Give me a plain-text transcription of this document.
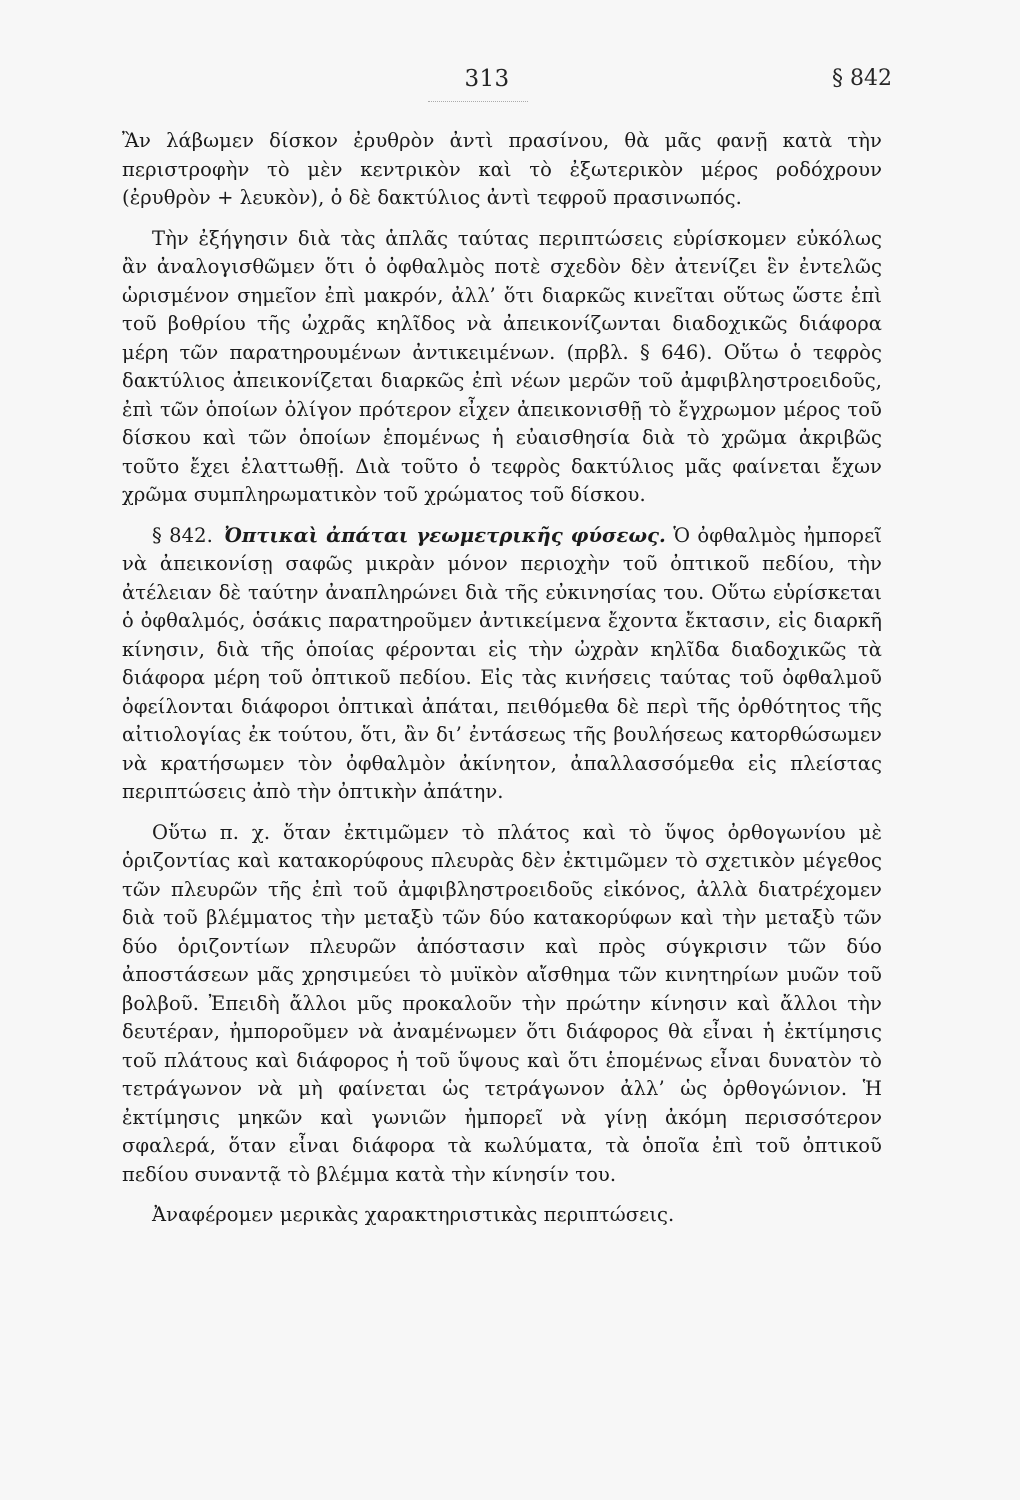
313	§ 842

Ἂν λάβωμεν δίσκον ἐρυθρὸν ἀντὶ πρασίνου, θὰ μᾶς φανῇ κατὰ τὴν περιστροφὴν τὸ μὲν κεντρικὸν καὶ τὸ ἐξωτερικὸν μέρος ροδόχρουν (ἐρυθρὸν + λευκὸν), ὁ δὲ δακτύλιος ἀντὶ τεφροῦ πρασινωπός.

Τὴν ἐξήγησιν διὰ τὰς ἁπλᾶς ταύτας περιπτώσεις εὑρίσκομεν εὐκόλως ἂν ἀναλογισθῶμεν ὅτι ὁ ὀφθαλμὸς ποτὲ σχεδὸν δὲν ἀτενίζει ἓν ἐντελῶς ὡρισμένον σημεῖον ἐπὶ μακρόν, ἀλλ’ ὅτι διαρκῶς κινεῖται οὕτως ὥστε ἐπὶ τοῦ βοθρίου τῆς ὠχρᾶς κηλῖδος νὰ ἀπεικονίζωνται διαδοχικῶς διάφορα μέρη τῶν παρατηρουμένων ἀντικειμένων. (πρβλ. § 646). Οὕτω ὁ τεφρὸς δακτύλιος ἀπεικονίζεται διαρκῶς ἐπὶ νέων μερῶν τοῦ ἀμφιβληστροειδοῦς, ἐπὶ τῶν ὁποίων ὀλίγον πρότερον εἶχεν ἀπεικονισθῇ τὸ ἔγχρωμον μέρος τοῦ δίσκου καὶ τῶν ὁποίων ἑπομένως ἡ εὐαισθησία διὰ τὸ χρῶμα ἀκριβῶς τοῦτο ἔχει ἐλαττωθῇ. Διὰ τοῦτο ὁ τεφρὸς δακτύλιος μᾶς φαίνεται ἔχων χρῶμα συμπληρωματικὸν τοῦ χρώματος τοῦ δίσκου.

§ 842. Ὀπτικαὶ ἀπάται γεωμετρικῆς φύσεως. Ὁ ὀφθαλμὸς ἠμπορεῖ νὰ ἀπεικονίσῃ σαφῶς μικρὰν μόνον περιοχὴν τοῦ ὀπτικοῦ πεδίου, τὴν ἀτέλειαν δὲ ταύτην ἀναπληρώνει διὰ τῆς εὐκινησίας του. Οὕτω εὑρίσκεται ὁ ὀφθαλμός, ὁσάκις παρατηροῦμεν ἀντικείμενα ἔχοντα ἔκτασιν, εἰς διαρκῆ κίνησιν, διὰ τῆς ὁποίας φέρονται εἰς τὴν ὠχρὰν κηλῖδα διαδοχικῶς τὰ διάφορα μέρη τοῦ ὀπτικοῦ πεδίου. Εἰς τὰς κινήσεις ταύτας τοῦ ὀφθαλμοῦ ὀφείλονται διάφοροι ὀπτικαὶ ἀπάται, πειθόμεθα δὲ περὶ τῆς ὀρθότητος τῆς αἰτιολογίας ἐκ τούτου, ὅτι, ἂν δι’ ἐντάσεως τῆς βουλήσεως κατορθώσωμεν νὰ κρατήσωμεν τὸν ὀφθαλμὸν ἀκίνητον, ἀπαλλασσόμεθα εἰς πλείστας περιπτώσεις ἀπὸ τὴν ὀπτικὴν ἀπάτην.

Οὕτω π. χ. ὅταν ἐκτιμῶμεν τὸ πλάτος καὶ τὸ ὕψος ὀρθογωνίου μὲ ὁριζοντίας καὶ κατακορύφους πλευρὰς δὲν ἐκτιμῶμεν τὸ σχετικὸν μέγεθος τῶν πλευρῶν τῆς ἐπὶ τοῦ ἀμφιβληστροειδοῦς εἰκόνος, ἀλλὰ διατρέχομεν διὰ τοῦ βλέμματος τὴν μεταξὺ τῶν δύο κατακορύφων καὶ τὴν μεταξὺ τῶν δύο ὁριζοντίων πλευρῶν ἀπόστασιν καὶ πρὸς σύγκρισιν τῶν δύο ἀποστάσεων μᾶς χρησιμεύει τὸ μυϊκὸν αἴσθημα τῶν κινητηρίων μυῶν τοῦ βολβοῦ. Ἐπειδὴ ἄλλοι μῦς προκαλοῦν τὴν πρώτην κίνησιν καὶ ἄλλοι τὴν δευτέραν, ἠμποροῦμεν νὰ ἀναμένωμεν ὅτι διάφορος θὰ εἶναι ἡ ἐκτίμησις τοῦ πλάτους καὶ διάφορος ἡ τοῦ ὕψους καὶ ὅτι ἑπομένως εἶναι δυνατὸν τὸ τετράγωνον νὰ μὴ φαίνεται ὡς τετράγωνον ἀλλ’ ὡς ὀρθογώνιον. Ἡ ἐκτίμησις μηκῶν καὶ γωνιῶν ἠμπορεῖ νὰ γίνῃ ἀκόμη περισσότερον σφαλερά, ὅταν εἶναι διάφορα τὰ κωλύματα, τὰ ὁποῖα ἐπὶ τοῦ ὀπτικοῦ πεδίου συναντᾷ τὸ βλέμμα κατὰ τὴν κίνησίν του.

Ἀναφέρομεν μερικὰς χαρακτηριστικὰς περιπτώσεις.
